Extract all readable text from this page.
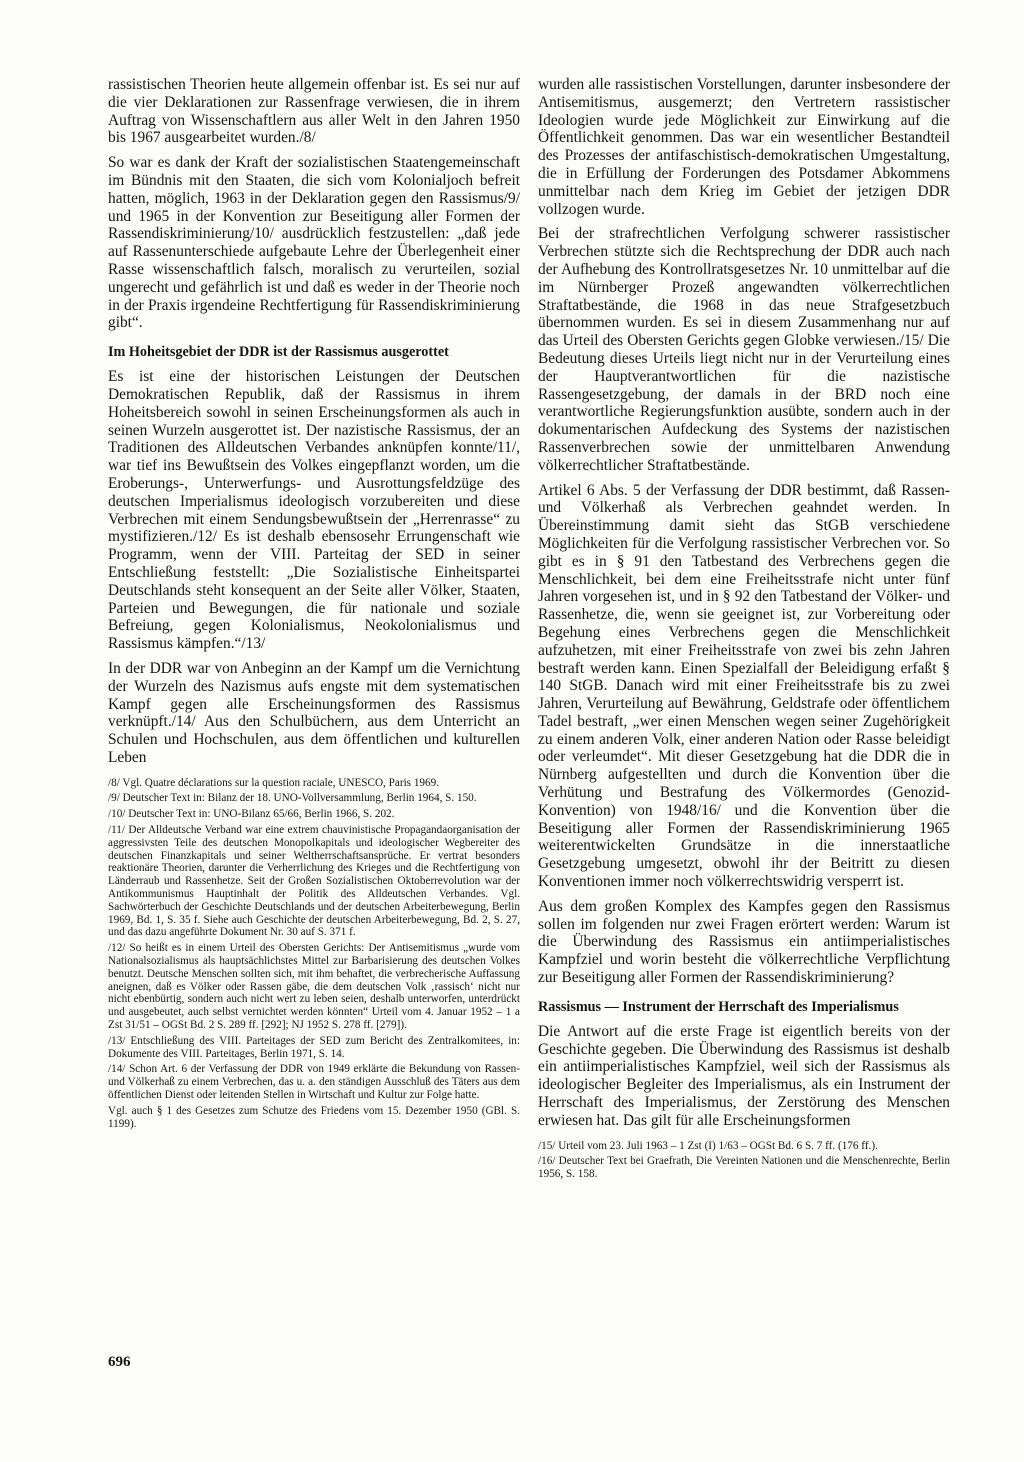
rassistischen Theorien heute allgemein offenbar ist. Es sei nur auf die vier Deklarationen zur Rassenfrage verwiesen, die in ihrem Auftrag von Wissenschaftlern aus aller Welt in den Jahren 1950 bis 1967 ausgearbeitet wurden./8/

So war es dank der Kraft der sozialistischen Staatengemeinschaft im Bündnis mit den Staaten, die sich vom Kolonialjoch befreit hatten, möglich, 1963 in der Deklaration gegen den Rassismus/9/ und 1965 in der Konvention zur Beseitigung aller Formen der Rassendiskriminierung/10/ ausdrücklich festzustellen: „daß jede auf Rassenunterschiede aufgebaute Lehre der Überlegenheit einer Rasse wissenschaftlich falsch, moralisch zu verurteilen, sozial ungerecht und gefährlich ist und daß es weder in der Theorie noch in der Praxis irgendeine Rechtfertigung für Rassendiskriminierung gibt“.

Im Hoheitsgebiet der DDR ist der Rassismus ausgerottet

Es ist eine der historischen Leistungen der Deutschen Demokratischen Republik, daß der Rassismus in ihrem Hoheitsbereich sowohl in seinen Erscheinungsformen als auch in seinen Wurzeln ausgerottet ist. Der nazistische Rassismus, der an Traditionen des Alldeutschen Verbandes anknüpfen konnte/11/, war tief ins Bewußtsein des Volkes eingepflanzt worden, um die Eroberungs-, Unterwerfungs- und Ausrottungsfeldzüge des deutschen Imperialismus ideologisch vorzubereiten und diese Verbrechen mit einem Sendungsbewußtsein der „Herrenrasse“ zu mystifizieren./12/ Es ist deshalb ebensosehr Errungenschaft wie Programm, wenn der VIII. Parteitag der SED in seiner Entschließung feststellt: „Die Sozialistische Einheitspartei Deutschlands steht konsequent an der Seite aller Völker, Staaten, Parteien und Bewegungen, die für nationale und soziale Befreiung, gegen Kolonialismus, Neokolonialismus und Rassismus kämpfen.“/13/

In der DDR war von Anbeginn an der Kampf um die Vernichtung der Wurzeln des Nazismus aufs engste mit dem systematischen Kampf gegen alle Erscheinungsformen des Rassismus verknüpft./14/ Aus den Schulbüchern, aus dem Unterricht an Schulen und Hochschulen, aus dem öffentlichen und kulturellen Leben

/8/ Vgl. Quatre déclarations sur la question raciale, UNESCO, Paris 1969.

/9/ Deutscher Text in: Bilanz der 18. UNO-Vollversammlung, Berlin 1964, S. 150.

/10/ Deutscher Text in: UNO-Bilanz 65/66, Berlin 1966, S. 202.

/11/ Der Alldeutsche Verband war eine extrem chauvinistische Propagandaorganisation der aggressivsten Teile des deutschen Monopolkapitals und ideologischer Wegbereiter des deutschen Finanzkapitals und seiner Weltherrschaftsansprüche. Er vertrat besonders reaktionäre Theorien, darunter die Verherrlichung des Krieges und die Rechtfertigung von Länderraub und Rassenhetze. Seit der Großen Sozialistischen Oktoberrevolution war der Antikommunismus Hauptinhalt der Politik des Alldeutschen Verbandes. Vgl. Sachwörterbuch der Geschichte Deutschlands und der deutschen Arbeiterbewegung, Berlin 1969, Bd. 1, S. 35 f. Siehe auch Geschichte der deutschen Arbeiterbewegung, Bd. 2, S. 27, und das dazu angeführte Dokument Nr. 30 auf S. 371 f.

/12/ So heißt es in einem Urteil des Obersten Gerichts: Der Antisemitismus „wurde vom Nationalsozialismus als hauptsächlichstes Mittel zur Barbarisierung des deutschen Volkes benutzt. Deutsche Menschen sollten sich, mit ihm behaftet, die verbrecherische Auffassung aneignen, daß es Völker oder Rassen gäbe, die dem deutschen Volk ‚rassisch‘ nicht nur nicht ebenbürtig, sondern auch nicht wert zu leben seien, deshalb unterworfen, unterdrückt und ausgebeutet, auch selbst vernichtet werden könnten“ Urteil vom 4. Januar 1952 – 1 a Zst 31/51 – OGSt Bd. 2 S. 289 ff. [292]; NJ 1952 S. 278 ff. [279]).

/13/ Entschließung des VIII. Parteitages der SED zum Bericht des Zentralkomitees, in: Dokumente des VIII. Parteitages, Berlin 1971, S. 14.

/14/ Schon Art. 6 der Verfassung der DDR von 1949 erklärte die Bekundung von Rassen- und Völkerhaß zu einem Verbrechen, das u. a. den ständigen Ausschluß des Täters aus dem öffentlichen Dienst oder leitenden Stellen in Wirtschaft und Kultur zur Folge hatte.

Vgl. auch § 1 des Gesetzes zum Schutze des Friedens vom 15. Dezember 1950 (GBl. S. 1199).

wurden alle rassistischen Vorstellungen, darunter insbesondere der Antisemitismus, ausgemerzt; den Vertretern rassistischer Ideologien wurde jede Möglichkeit zur Einwirkung auf die Öffentlichkeit genommen. Das war ein wesentlicher Bestandteil des Prozesses der antifaschistisch-demokratischen Umgestaltung, die in Erfüllung der Forderungen des Potsdamer Abkommens unmittelbar nach dem Krieg im Gebiet der jetzigen DDR vollzogen wurde.

Bei der strafrechtlichen Verfolgung schwerer rassistischer Verbrechen stützte sich die Rechtsprechung der DDR auch nach der Aufhebung des Kontrollratsgesetzes Nr. 10 unmittelbar auf die im Nürnberger Prozeß angewandten völkerrechtlichen Straftatbestände, die 1968 in das neue Strafgesetzbuch übernommen wurden. Es sei in diesem Zusammenhang nur auf das Urteil des Obersten Gerichts gegen Globke verwiesen./15/ Die Bedeutung dieses Urteils liegt nicht nur in der Verurteilung eines der Hauptverantwortlichen für die nazistische Rassengesetzgebung, der damals in der BRD noch eine verantwortliche Regierungsfunktion ausübte, sondern auch in der dokumentarischen Aufdeckung des Systems der nazistischen Rassenverbrechen sowie der unmittelbaren Anwendung völkerrechtlicher Straftatbestände.

Artikel 6 Abs. 5 der Verfassung der DDR bestimmt, daß Rassen- und Völkerhaß als Verbrechen geahndet werden. In Übereinstimmung damit sieht das StGB verschiedene Möglichkeiten für die Verfolgung rassistischer Verbrechen vor. So gibt es in § 91 den Tatbestand des Verbrechens gegen die Menschlichkeit, bei dem eine Freiheitsstrafe nicht unter fünf Jahren vorgesehen ist, und in § 92 den Tatbestand der Völker- und Rassenhetze, die, wenn sie geeignet ist, zur Vorbereitung oder Begehung eines Verbrechens gegen die Menschlichkeit aufzuhetzen, mit einer Freiheitsstrafe von zwei bis zehn Jahren bestraft werden kann. Einen Spezialfall der Beleidigung erfaßt § 140 StGB. Danach wird mit einer Freiheitsstrafe bis zu zwei Jahren, Verurteilung auf Bewährung, Geldstrafe oder öffentlichem Tadel bestraft, „wer einen Menschen wegen seiner Zugehörigkeit zu einem anderen Volk, einer anderen Nation oder Rasse beleidigt oder verleumdet“. Mit dieser Gesetzgebung hat die DDR die in Nürnberg aufgestellten und durch die Konvention über die Verhütung und Bestrafung des Völkermordes (Genozid-Konvention) von 1948/16/ und die Konvention über die Beseitigung aller Formen der Rassendiskriminierung 1965 weiterentwickelten Grundsätze in die innerstaatliche Gesetzgebung umgesetzt, obwohl ihr der Beitritt zu diesen Konventionen immer noch völkerrechtswidrig versperrt ist.

Aus dem großen Komplex des Kampfes gegen den Rassismus sollen im folgenden nur zwei Fragen erörtert werden: Warum ist die Überwindung des Rassismus ein antiimperialistisches Kampfziel und worin besteht die völkerrechtliche Verpflichtung zur Beseitigung aller Formen der Rassendiskriminierung?

Rassismus — Instrument der Herrschaft des Imperialismus

Die Antwort auf die erste Frage ist eigentlich bereits von der Geschichte gegeben. Die Überwindung des Rassismus ist deshalb ein antiimperialistisches Kampfziel, weil sich der Rassismus als ideologischer Begleiter des Imperialismus, als ein Instrument der Herrschaft des Imperialismus, der Zerstörung des Menschen erwiesen hat. Das gilt für alle Erscheinungsformen

/15/ Urteil vom 23. Juli 1963 – 1 Zst (I) 1/63 – OGSt Bd. 6 S. 7 ff. (176 ff.).

/16/ Deutscher Text bei Graefrath, Die Vereinten Nationen und die Menschenrechte, Berlin 1956, S. 158.

696
